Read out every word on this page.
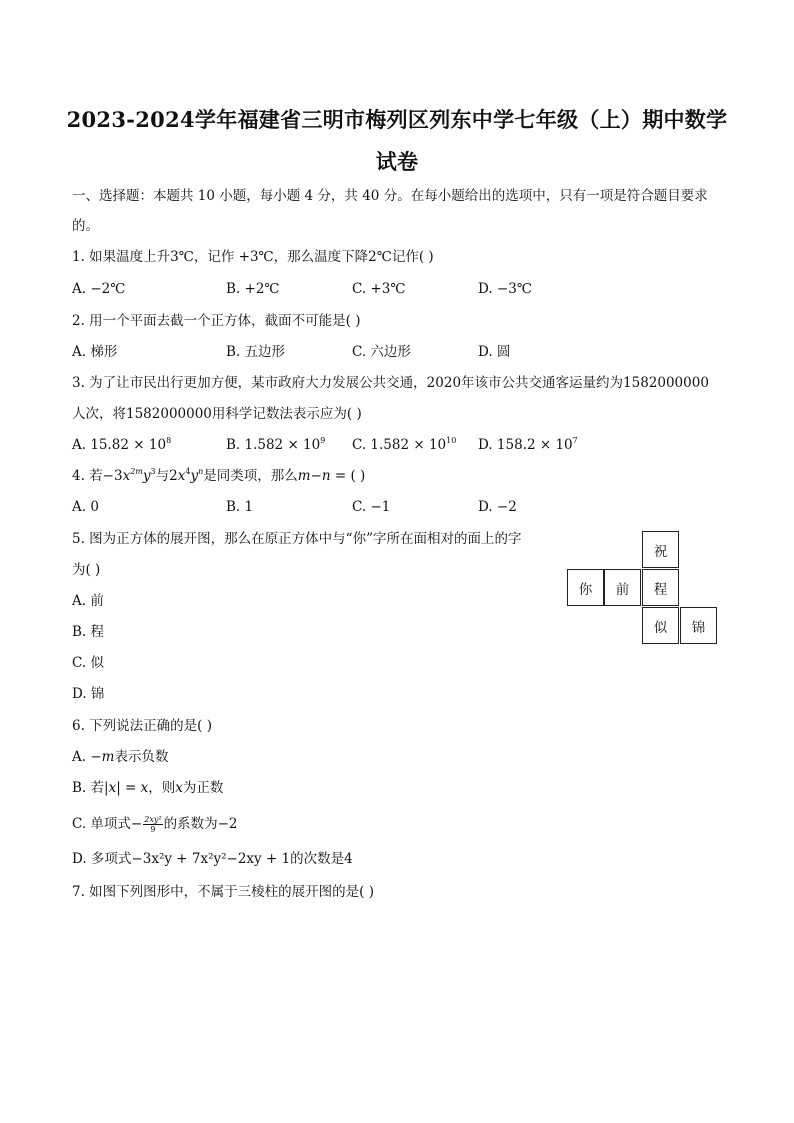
2023-2024学年福建省三明市梅列区列东中学七年级（上）期中数学
试卷
一、选择题：本题共 10 小题，每小题 4 分，共 40 分。在每小题给出的选项中，只有一项是符合题目要求
的。
1. 如果温度上升3℃，记作 +3℃，那么温度下降2℃记作( )
A. −2℃	B. +2℃	C. +3℃	D. −3℃
2. 用一个平面去截一个正方体，截面不可能是( )
A. 梯形	B. 五边形	C. 六边形	D. 圆
3. 为了让市民出行更加方便，某市政府大力发展公共交通，2020年该市公共交通客运量约为1582000000
人次，将1582000000用科学记数法表示应为( )
A. $15.82 \times 10^8$	B. $1.582 \times 10^9$ C. $1.582 \times 10^{10}$ D. $158.2 \times 10^7$
4. 若$-3x^{2m}y^3$与$2x^4y^n$是同类项，那么m−n = ( )
A. 0	B. 1	C. −1	D. −2
5. 图为正方体的展开图，那么在原正方体中与“你”字所在面相对的面上的字
为( )
A. 前
B. 程
C. 似
D. 锦
祝
你	前	程
似	锦
6. 下列说法正确的是( )
A. −m表示负数
B. 若|x| = x，则x为正数
C. 单项式− $\frac{\text{2xy²}}{9}$ 的系数为−2
D. 多项式−3x²y + 7x²y²−2xy + 1的次数是4
7. 如图下列图形中，不属于三棱柱的展开图的是( )
